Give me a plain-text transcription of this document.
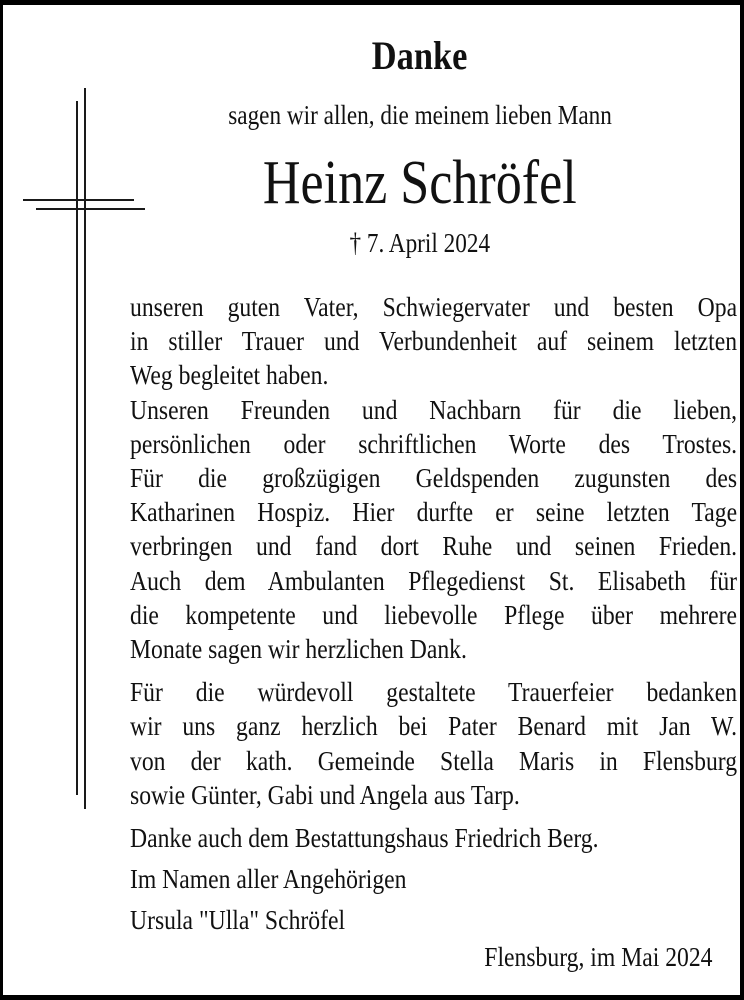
Danke
sagen wir allen, die meinem lieben Mann
Heinz Schröfel
† 7. April 2024
unseren guten Vater, Schwiegervater und besten Opa
in stiller Trauer und Verbundenheit auf seinem letzten
Weg begleitet haben.
Unseren Freunden und Nachbarn für die lieben,
persönlichen oder schriftlichen Worte des Trostes.
Für die großzügigen Geldspenden zugunsten des
Katharinen Hospiz. Hier durfte er seine letzten Tage
verbringen und fand dort Ruhe und seinen Frieden.
Auch dem Ambulanten Pflegedienst St. Elisabeth für
die kompetente und liebevolle Pflege über mehrere
Monate sagen wir herzlichen Dank.
Für die würdevoll gestaltete Trauerfeier bedanken
wir uns ganz herzlich bei Pater Benard mit Jan W.
von der kath. Gemeinde Stella Maris in Flensburg
sowie Günter, Gabi und Angela aus Tarp.
Danke auch dem Bestattungshaus Friedrich Berg.
Im Namen aller Angehörigen
Ursula "Ulla" Schröfel
Flensburg, im Mai 2024
